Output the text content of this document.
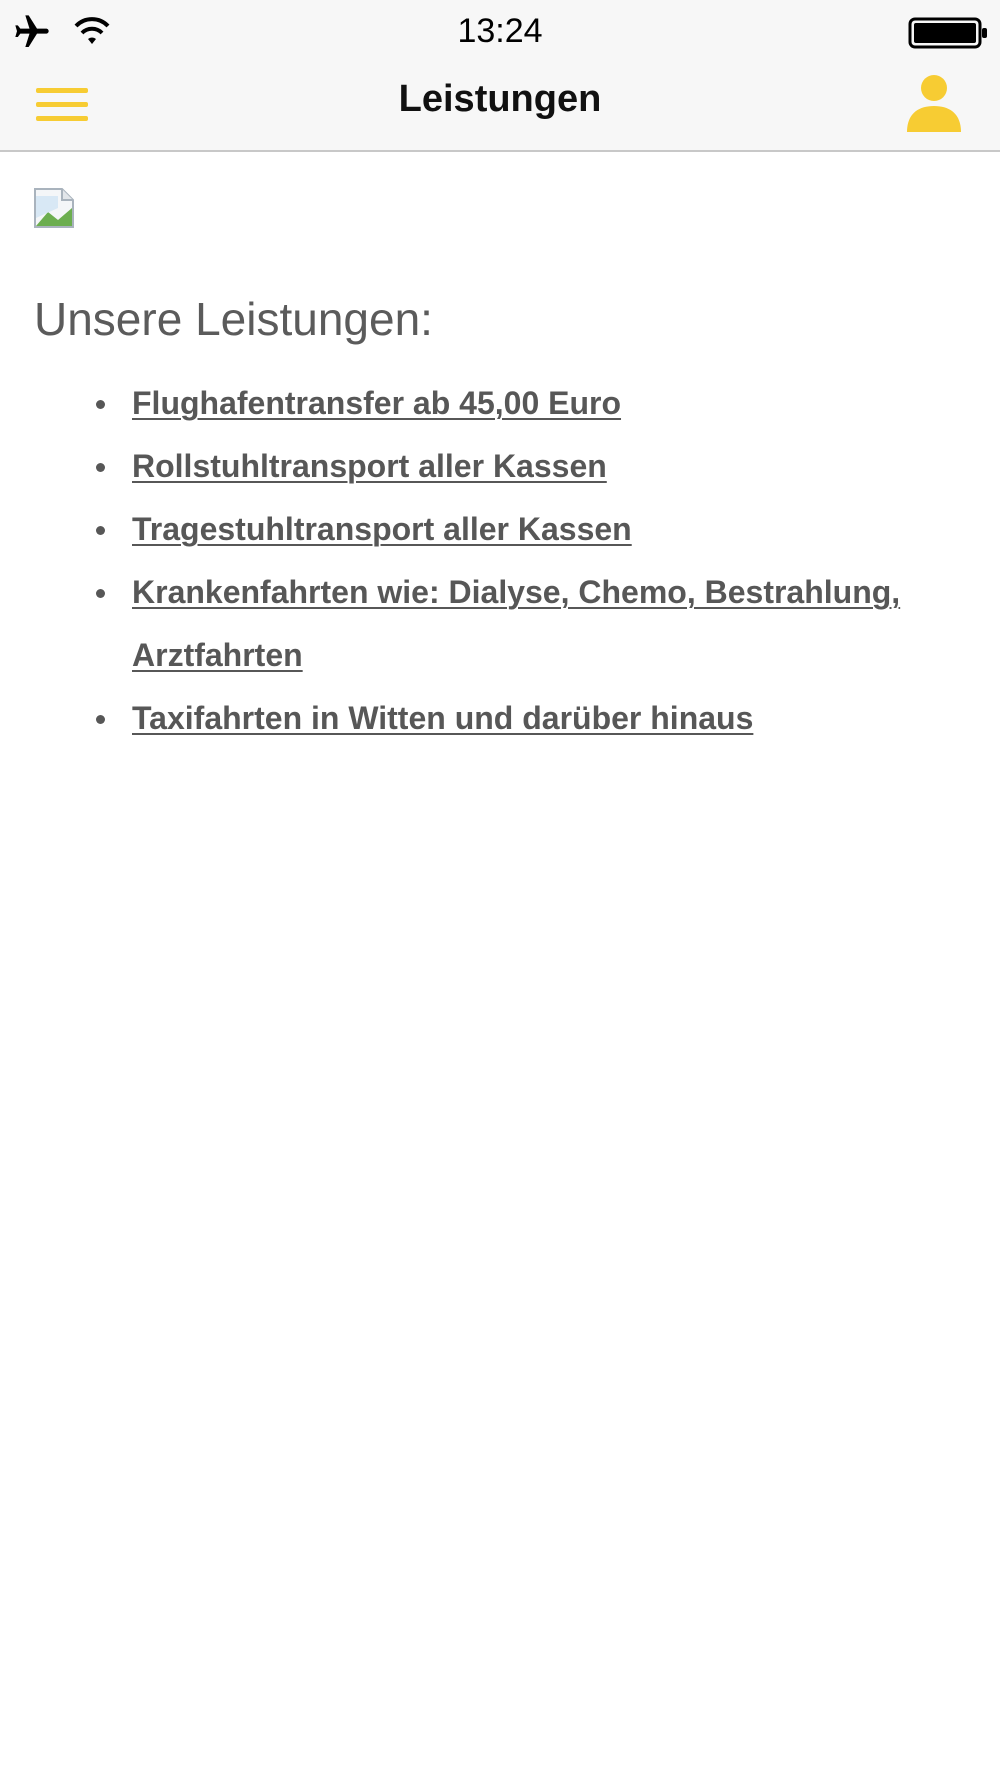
13:24
Leistungen
Unsere Leistungen:
Flughafentransfer ab 45,00 Euro
Rollstuhltransport aller Kassen
Tragestuhltransport aller Kassen
Krankenfahrten wie: Dialyse, Chemo, Bestrahlung, Arztfahrten
Taxifahrten in Witten und darüber hinaus
